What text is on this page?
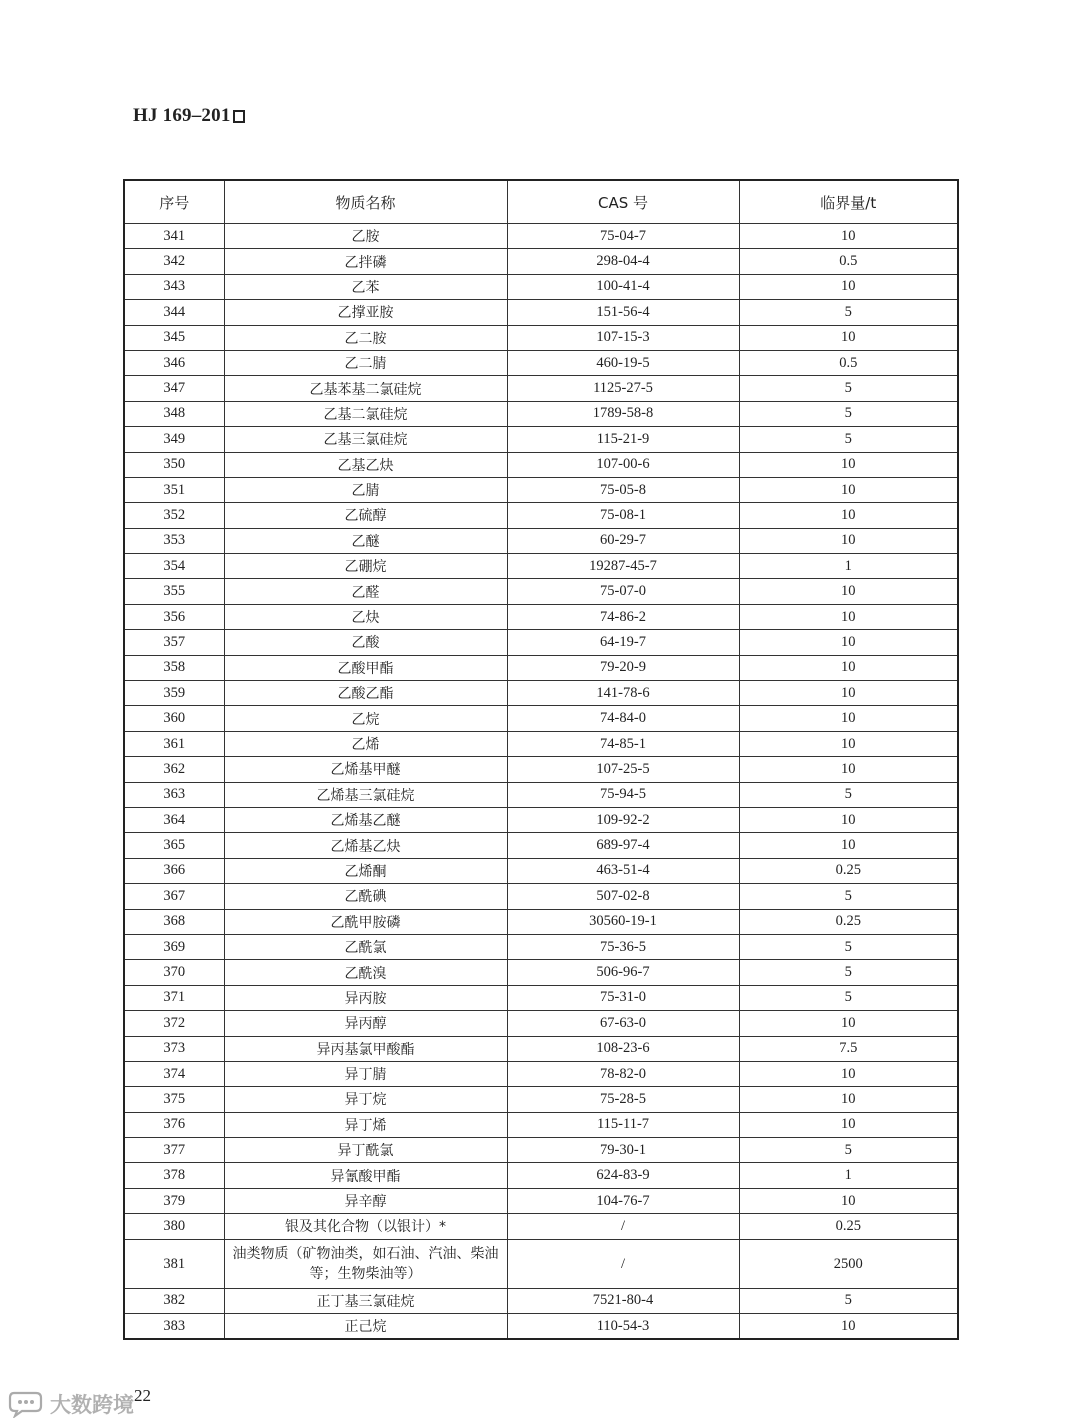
HJ 169–201
序号	物质名称	CAS 号	临界量/t
341	乙胺	75-04-7	10
342	乙拌磷	298-04-4	0.5
343	乙苯	100-41-4	10
344	乙撑亚胺	151-56-4	5
345	乙二胺	107-15-3	10
346	乙二腈	460-19-5	0.5
347	乙基苯基二氯硅烷	1125-27-5	5
348	乙基二氯硅烷	1789-58-8	5
349	乙基三氯硅烷	115-21-9	5
350	乙基乙炔	107-00-6	10
351	乙腈	75-05-8	10
352	乙硫醇	75-08-1	10
353	乙醚	60-29-7	10
354	乙硼烷	19287-45-7	1
355	乙醛	75-07-0	10
356	乙炔	74-86-2	10
357	乙酸	64-19-7	10
358	乙酸甲酯	79-20-9	10
359	乙酸乙酯	141-78-6	10
360	乙烷	74-84-0	10
361	乙烯	74-85-1	10
362	乙烯基甲醚	107-25-5	10
363	乙烯基三氯硅烷	75-94-5	5
364	乙烯基乙醚	109-92-2	10
365	乙烯基乙炔	689-97-4	10
366	乙烯酮	463-51-4	0.25
367	乙酰碘	507-02-8	5
368	乙酰甲胺磷	30560-19-1	0.25
369	乙酰氯	75-36-5	5
370	乙酰溴	506-96-7	5
371	异丙胺	75-31-0	5
372	异丙醇	67-63-0	10
373	异丙基氯甲酸酯	108-23-6	7.5
374	异丁腈	78-82-0	10
375	异丁烷	75-28-5	10
376	异丁烯	115-11-7	10
377	异丁酰氯	79-30-1	5
378	异氰酸甲酯	624-83-9	1
379	异辛醇	104-76-7	10
380	银及其化合物（以银计）*	/	0.25
381	油类物质（矿物油类，如石油、汽油、柴油等；生物柴油等）	/	2500
382	正丁基三氯硅烷	7521-80-4	5
383	正己烷	110-54-3	10
22
大数跨境
